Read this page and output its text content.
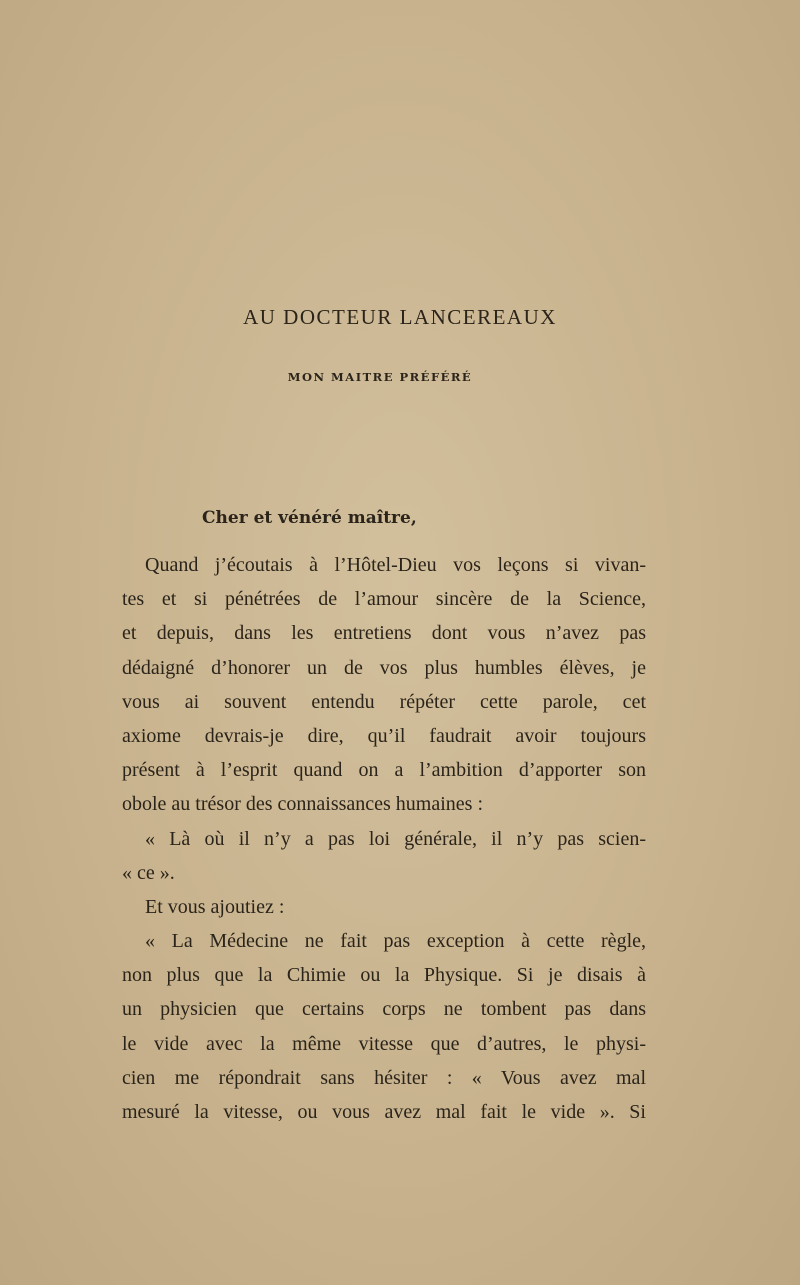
AU DOCTEUR LANCEREAUX
MON MAITRE PRÉFÉRÉ
Cher et vénéré maître,
Quand j’écoutais à l’Hôtel-Dieu vos leçons si vivan-
tes et si pénétrées de l’amour sincère de la Science,
et depuis, dans les entretiens dont vous n’avez pas
dédaigné d’honorer un de vos plus humbles élèves, je
vous ai souvent entendu répéter cette parole, cet
axiome devrais-je dire, qu’il faudrait avoir toujours
présent à l’esprit quand on a l’ambition d’apporter son
obole au trésor des connaissances humaines :
« Là où il n’y a pas loi générale, il n’y pas scien-
« ce ».
Et vous ajoutiez :
« La Médecine ne fait pas exception à cette règle,
non plus que la Chimie ou la Physique. Si je disais à
un physicien que certains corps ne tombent pas dans
le vide avec la même vitesse que d’autres, le physi-
cien me répondrait sans hésiter : « Vous avez mal
mesuré la vitesse, ou vous avez mal fait le vide ». Si
